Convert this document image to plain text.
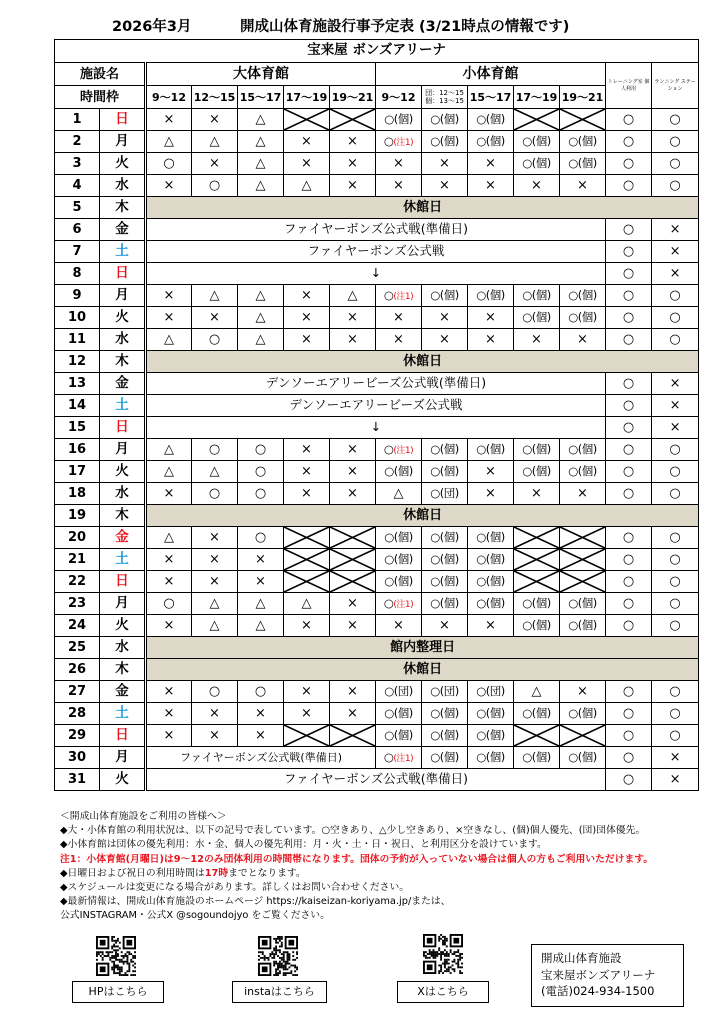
2026年3月	開成山体育施設行事予定表 (3/21時点の情報です)
宝来屋 ボンズアリーナ													
施設名		大体育館					小体育館					トレーニング室 個人利用	ランニング ステーション
時間枠		9～12	12～15	15～17	17～19	19～21	9～12	団：12～15
個：13～15	15～17	17～19	19～21		
1	日	×	×	△			○(個)	○(個)	○(個)			○	○
2	月	△	△	△	×	×	○(注1)	○(個)	○(個)	○(個)	○(個)	○	○
3	火	○	×	△	×	×	×	×	×	○(個)	○(個)	○	○
4	水	×	○	△	△	×	×	×	×	×	×	○	○
5	木	休館日											
6	金	ファイヤーボンズ公式戦(準備日)										○	×
7	土	ファイヤーボンズ公式戦										○	×
8	日	↓										○	×
9	月	×	△	△	×	△	○(注1)	○(個)	○(個)	○(個)	○(個)	○	○
10	火	×	×	△	×	×	×	×	×	○(個)	○(個)	○	○
11	水	△	○	△	×	×	×	×	×	×	×	○	○
12	木	休館日											
13	金	デンソーエアリービーズ公式戦(準備日)										○	×
14	土	デンソーエアリービーズ公式戦										○	×
15	日	↓										○	×
16	月	△	○	○	×	×	○(注1)	○(個)	○(個)	○(個)	○(個)	○	○
17	火	△	△	○	×	×	○(個)	○(個)	×	○(個)	○(個)	○	○
18	水	×	○	○	×	×	△	○(団)	×	×	×	○	○
19	木	休館日											
20	金	△	×	○			○(個)	○(個)	○(個)			○	○
21	土	×	×	×			○(個)	○(個)	○(個)			○	○
22	日	×	×	×			○(個)	○(個)	○(個)			○	○
23	月	○	△	△	△	×	○(注1)	○(個)	○(個)	○(個)	○(個)	○	○
24	火	×	△	△	×	×	×	×	×	○(個)	○(個)	○	○
25	水	館内整理日											
26	木	休館日											
27	金	×	○	○	×	×	○(団)	○(団)	○(団)	△	×	○	○
28	土	×	×	×	×	×	○(個)	○(個)	○(個)	○(個)	○(個)	○	○
29	日	×	×	×			○(個)	○(個)	○(個)			○	○
30	月	ファイヤーボンズ公式戦(準備日)					○(注1)	○(個)	○(個)	○(個)	○(個)	○	×
31	火	ファイヤーボンズ公式戦(準備日)										○	×
＜開成山体育施設をご利用の皆様へ＞
◆大・小体育館の利用状況は、以下の記号で表しています。○空きあり、△少し空きあり、×空きなし、(個)個人優先、(団)団体優先。
◆小体育館は団体の優先利用：水・金、個人の優先利用：月・火・土・日・祝日、と利用区分を設けています。
注1：小体育館(月曜日)は9～12のみ団体利用の時間帯になります。団体の予約が入っていない場合は個人の方もご利用いただけます。
◆日曜日および祝日の利用時間は17時までとなります。
◆スケジュールは変更になる場合があります。詳しくはお問い合わせください。
◆最新情報は、開成山体育施設のホームページ https://kaiseizan-koriyama.jp/または、
公式INSTAGRAM・公式X @sogoundojyo をご覧ください。
HPはこちら	instaはこちら	Xはこちら
開成山体育施設
宝来屋ボンズアリーナ
(電話)024-934-1500
